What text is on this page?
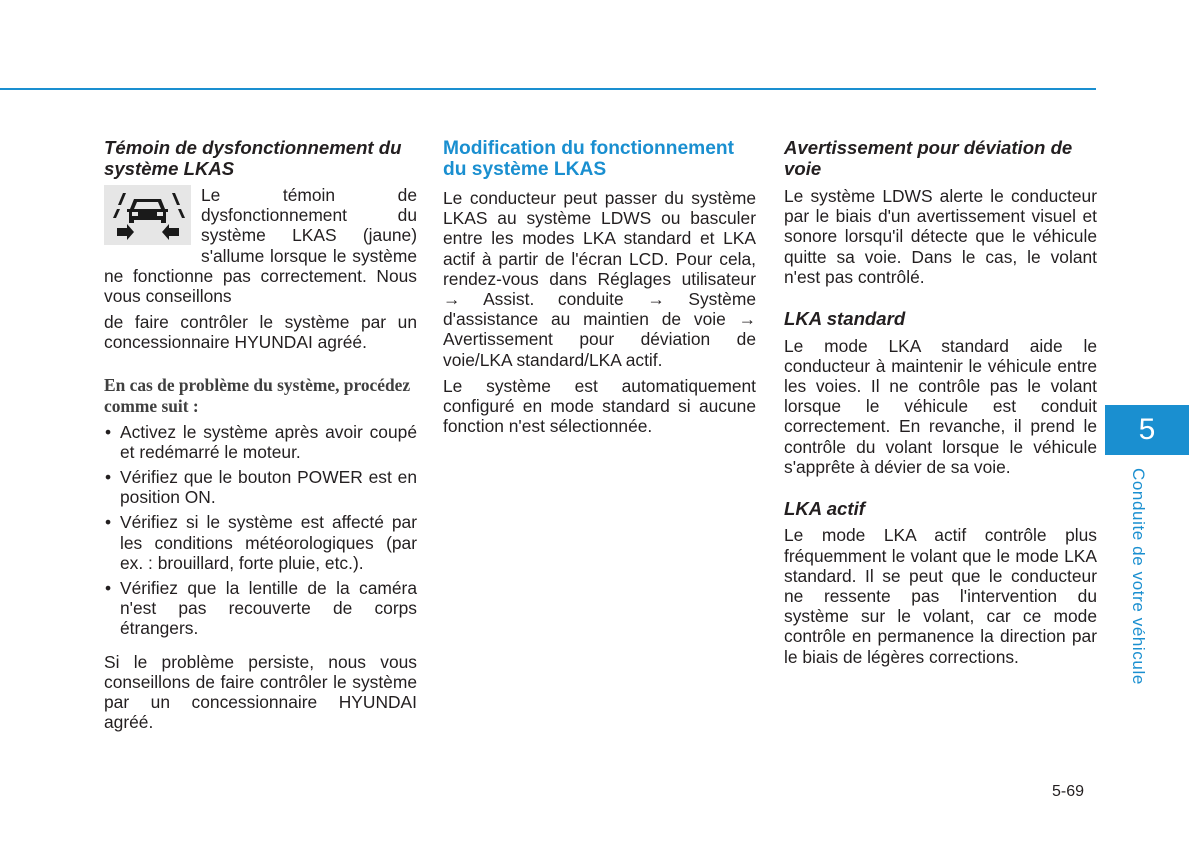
Témoin de dysfonctionnement du système LKAS

Le témoin de dysfonctionnement du système LKAS (jaune) s'allume lorsque le système ne fonctionne pas correctement. Nous vous conseillons

de faire contrôler le système par un concessionnaire HYUNDAI agréé.

En cas de problème du système, procédez comme suit :
• Activez le système après avoir coupé et redémarré le moteur.
• Vérifiez que le bouton POWER est en position ON.
• Vérifiez si le système est affecté par les conditions météorologiques (par ex. : brouillard, forte pluie, etc.).
• Vérifiez que la lentille de la caméra n'est pas recouverte de corps étrangers.

Si le problème persiste, nous vous conseillons de faire contrôler le système par un concessionnaire HYUNDAI agréé.

Modification du fonctionnement du système LKAS

Le conducteur peut passer du système LKAS au système LDWS ou basculer entre les modes LKA standard et LKA actif à partir de l'écran LCD. Pour cela, rendez-vous dans Réglages utilisateur → Assist. conduite → Système d'assistance au maintien de voie → Avertissement pour déviation de voie/LKA standard/LKA actif.

Le système est automatiquement configuré en mode standard si aucune fonction n'est sélectionnée.

Avertissement pour déviation de voie

Le système LDWS alerte le conducteur par le biais d'un avertissement visuel et sonore lorsqu'il détecte que le véhicule quitte sa voie. Dans le cas, le volant n'est pas contrôlé.

LKA standard

Le mode LKA standard aide le conducteur à maintenir le véhicule entre les voies. Il ne contrôle pas le volant lorsque le véhicule est conduit correctement. En revanche, il prend le contrôle du volant lorsque le véhicule s'apprête à dévier de sa voie.

LKA actif

Le mode LKA actif contrôle plus fréquemment le volant que le mode LKA standard. Il se peut que le conducteur ne ressente pas l'intervention du système sur le volant, car ce mode contrôle en permanence la direction par le biais de légères corrections.

5
Conduite de votre véhicule
5-69
